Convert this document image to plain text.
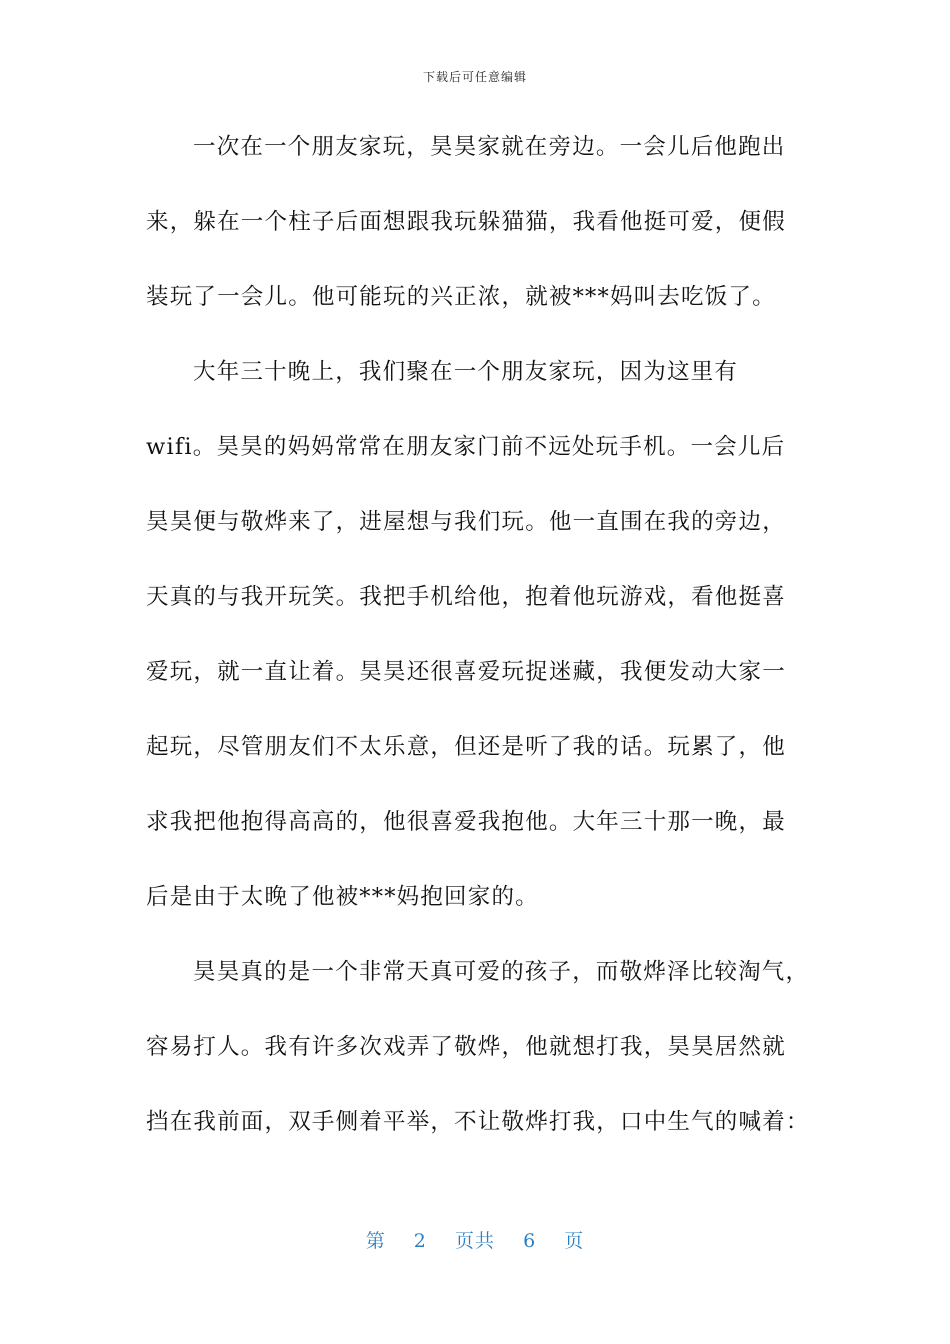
下载后可任意编辑
一次在一个朋友家玩，昊昊家就在旁边。一会儿后他跑出
来，躲在一个柱子后面想跟我玩躲猫猫，我看他挺可爱，便假
装玩了一会儿。他可能玩的兴正浓，就被***妈叫去吃饭了。
大年三十晚上，我们聚在一个朋友家玩，因为这里有
wifi。昊昊的妈妈常常在朋友家门前不远处玩手机。一会儿后
昊昊便与敬烨来了，进屋想与我们玩。他一直围在我的旁边，
天真的与我开玩笑。我把手机给他，抱着他玩游戏，看他挺喜
爱玩，就一直让着。昊昊还很喜爱玩捉迷藏，我便发动大家一
起玩，尽管朋友们不太乐意，但还是听了我的话。玩累了，他
求我把他抱得高高的，他很喜爱我抱他。大年三十那一晚，最
后是由于太晚了他被***妈抱回家的。
昊昊真的是一个非常天真可爱的孩子，而敬烨泽比较淘气，
容易打人。我有许多次戏弄了敬烨，他就想打我，昊昊居然就
挡在我前面，双手侧着平举，不让敬烨打我，口中生气的喊着：
第 2 页共 6 页
